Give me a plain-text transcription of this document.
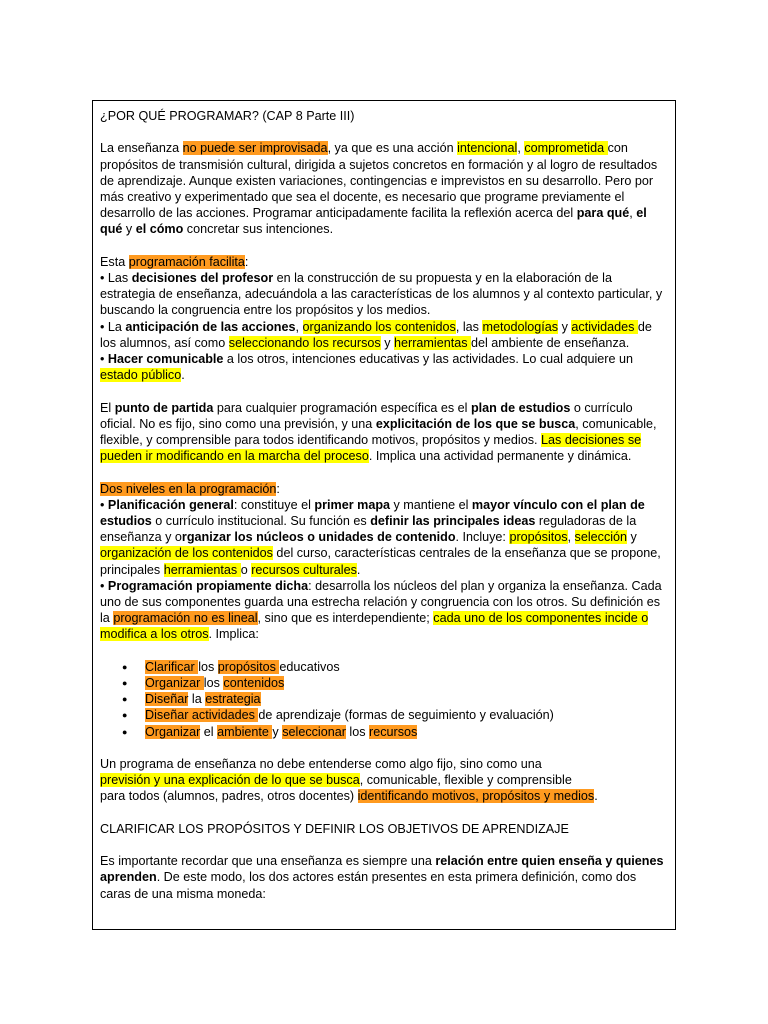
¿POR QUÉ PROGRAMAR? (CAP 8 Parte III)

La enseñanza no puede ser improvisada, ya que es una acción intencional, comprometida con propósitos de transmisión cultural, dirigida a sujetos concretos en formación y al logro de resultados de aprendizaje. Aunque existen variaciones, contingencias e imprevistos en su desarrollo. Pero por más creativo y experimentado que sea el docente, es necesario que programe previamente el desarrollo de las acciones. Programar anticipadamente facilita la reflexión acerca del para qué, el qué y el cómo concretar sus intenciones.

Esta programación facilita:

• Las decisiones del profesor en la construcción de su propuesta y en la elaboración de la estrategia de enseñanza, adecuándola a las características de los alumnos y al contexto particular, y buscando la congruencia entre los propósitos y los medios.

• La anticipación de las acciones, organizando los contenidos, las metodologías y actividades de los alumnos, así como seleccionando los recursos y herramientas del ambiente de enseñanza.

• Hacer comunicable a los otros, intenciones educativas y las actividades. Lo cual adquiere un estado público.

El punto de partida para cualquier programación específica es el plan de estudios o currículo oficial. No es fijo, sino como una previsión, y una explicitación de los que se busca, comunicable, flexible, y comprensible para todos identificando motivos, propósitos y medios. Las decisiones se pueden ir modificando en la marcha del proceso. Implica una actividad permanente y dinámica.

Dos niveles en la programación:

• Planificación general: constituye el primer mapa y mantiene el mayor vínculo con el plan de estudios o currículo institucional. Su función es definir las principales ideas reguladoras de la enseñanza y organizar los núcleos o unidades de contenido. Incluye: propósitos, selección y organización de los contenidos del curso, características centrales de la enseñanza que se propone, principales herramientas o recursos culturales.

• Programación propiamente dicha: desarrolla los núcleos del plan y organiza la enseñanza. Cada uno de sus componentes guarda una estrecha relación y congruencia con los otros. Su definición es la programación no es lineal, sino que es interdependiente; cada uno de los componentes incide o modifica a los otros. Implica:

● Clarificar los propósitos educativos
● Organizar los contenidos
● Diseñar la estrategia
● Diseñar actividades de aprendizaje (formas de seguimiento y evaluación)
● Organizar el ambiente y seleccionar los recursos

Un programa de enseñanza no debe entenderse como algo fijo, sino como una

previsión y una explicación de lo que se busca, comunicable, flexible y comprensible

para todos (alumnos, padres, otros docentes) identificando motivos, propósitos y medios.

CLARIFICAR LOS PROPÓSITOS Y DEFINIR LOS OBJETIVOS DE APRENDIZAJE

Es importante recordar que una enseñanza es siempre una relación entre quien enseña y quienes aprenden. De este modo, los dos actores están presentes en esta primera definición, como dos caras de una misma moneda:
